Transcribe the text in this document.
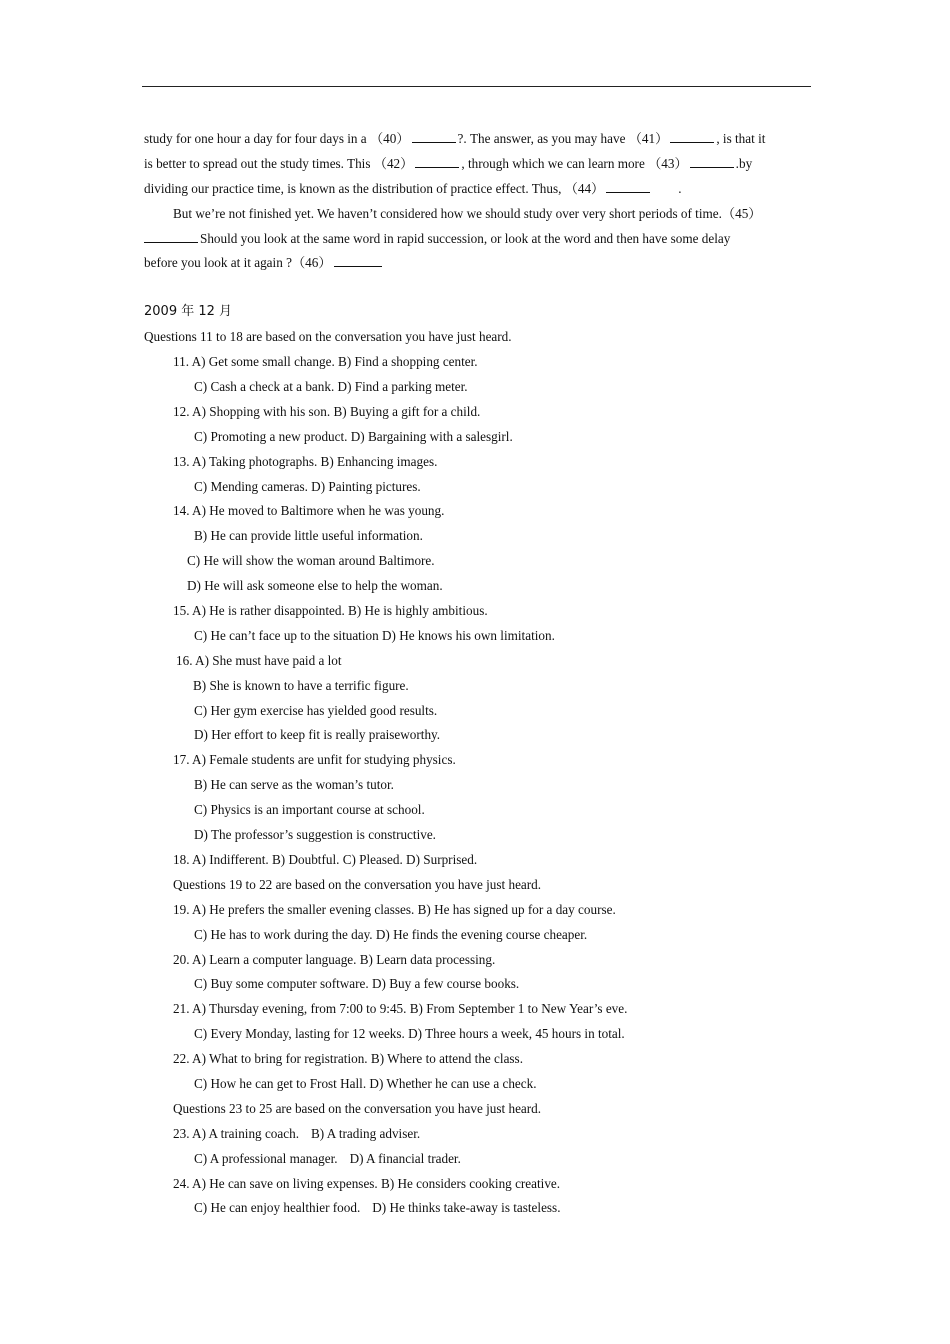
study for one hour a day for four days in a （40）	?. The answer, as you may have （41）	, is that it
is better to spread out the study times. This （42）	, through which we can learn more （43）	.by
dividing our practice time, is known as the distribution of practice effect. Thus, （44）	.
But we’re not finished yet. We haven’t considered how we should study over very short periods of time.（45）
Should you look at the same word in rapid succession, or look at the word and then have some delay
before you look at it again ?（46）
2009 年 12 月
Questions 11 to 18 are based on the conversation you have just heard.
11. A) Get some small change. B) Find a shopping center.
C) Cash a check at a bank. D) Find a parking meter.
12. A) Shopping with his son. B) Buying a gift for a child.
C) Promoting a new product. D) Bargaining with a salesgirl.
13. A) Taking photographs. B) Enhancing images.
C) Mending cameras. D) Painting pictures.
14. A) He moved to Baltimore when he was young.
B) He can provide little useful information.
C) He will show the woman around Baltimore.
D) He will ask someone else to help the woman.
15. A) He is rather disappointed. B) He is highly ambitious.
C) He can’t face up to the situation D) He knows his own limitation.
16. A) She must have paid a lot
B) She is known to have a terrific figure.
C) Her gym exercise has yielded good results.
D) Her effort to keep fit is really praiseworthy.
17. A) Female students are unfit for studying physics.
B) He can serve as the woman’s tutor.
C) Physics is an important course at school.
D) The professor’s suggestion is constructive.
18. A) Indifferent. B) Doubtful. C) Pleased. D) Surprised.
Questions 19 to 22 are based on the conversation you have just heard.
19. A) He prefers the smaller evening classes. B) He has signed up for a day course.
C) He has to work during the day. D) He finds the evening course cheaper.
20. A) Learn a computer language. B) Learn data processing.
C) Buy some computer software. D) Buy a few course books.
21. A) Thursday evening, from 7:00 to 9:45. B) From September 1 to New Year’s eve.
C) Every Monday, lasting for 12 weeks. D) Three hours a week, 45 hours in total.
22. A) What to bring for registration. B) Where to attend the class.
C) How he can get to Frost Hall. D) Whether he can use a check.
Questions 23 to 25 are based on the conversation you have just heard.
23. A) A training coach. B) A trading adviser.
C) A professional manager. D) A financial trader.
24. A) He can save on living expenses. B) He considers cooking creative.
C) He can enjoy healthier food. D) He thinks take-away is tasteless.
